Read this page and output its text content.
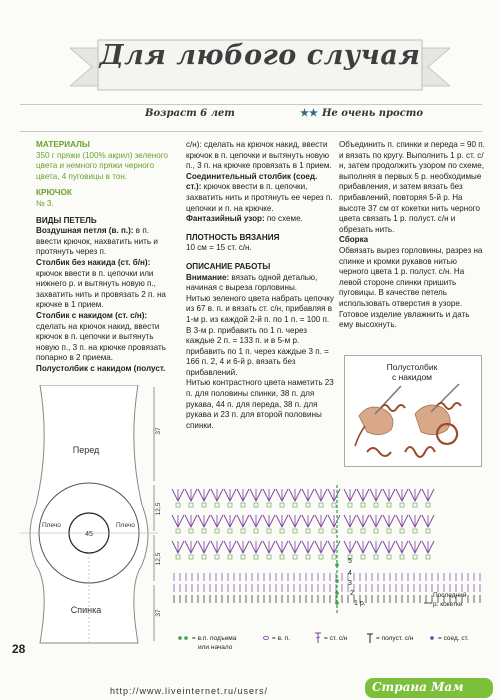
Для любого случая
Возраст 6 лет	★★ Не очень просто

МАТЕРИАЛЫ

350 г пряжи (100% акрил) зеленого цвета и немного пряжи черного цвета, 4 пуговицы в тон.

КРЮЧОК

№ 3.

ВИДЫ ПЕТЕЛЬ

Воздушная петля (в. п.): в п. ввести крючок, нахватить нить и протянуть через п.

Столбик без накида (ст. б/н): крючок ввести в п. цепочки или нижнего р. и вытянуть новую п., захватить нить и провязать 2 п. на крючке в 1 прием.

Столбик с накидом (ст. с/н): сделать на крючок накид, ввести крючок в п. цепочки и вытянуть новую п., 3 п. на крючке провязать попарно в 2 приема.

Полустолбик с накидом (полуст.

с/н): сделать на крючок накид, ввести крючок в п. цепочки и вытянуть новую п., 3 п. на крючке провязать в 1 прием.

Соединительный столбик (соед. ст.): крючок ввести в п. цепочки, захватить нить и протянуть ее через п. цепочки и п. на крючке.

Фантазийный узор: по схеме.

ПЛОТНОСТЬ ВЯЗАНИЯ

10 см = 15 ст. с/н.

ОПИСАНИЕ РАБОТЫ

Внимание: вязать одной деталью, начиная с выреза горловины.

Нитью зеленого цвета набрать цепочку из 67 в. п. и вязать ст. с/н, прибавляя в 1-м р. из каждой 2-й п. по 1 п. = 100 п. В 3-м р. прибавить по 1 п. через каждые 2 п. = 133 п. и в 5-м р. прибавить по 1 п. через каждые 3 п. = 166 п. 2, 4 и 6-й р. вязать без прибавлений.

Нитью контрастного цвета наметить 23 п. для половины спинки, 38 п. для рукава, 44 п. для переда, 38 п. для рукава и 23 п. для второй половины спинки.

Объединить п. спинки и переда = 90 п. и вязать по кругу. Выполнить 1 р. ст. с/н, затем продолжить узором по схеме, выполняя в первых 5 р. необходимые прибавления, и затем вязать без прибавлений, повторяя 5-й р. На высоте 37 см от кокетки нить черного цвета связать 1 р. полуст. с/н и обрезать нить.

Сборка

Обвязать вырез горловины, разрез на спинке и кромки рукавов нитью черного цвета 1 р. полуст. с/н. На левой стороне спинки пришить пуговицы. В качестве петель использовать отверстия в узоре. Готовое изделие увлажнить и дать ему высохнуть.

Полустолбик
с накидом
Перед
Спинка
Плечо	Плечо
45
37
12,5
12,5
37
5
4
3
2
1 р.
Последний
р. кокетки
= в.п. подъема
или начало
= в. п.	= ст. с/н	= полуст. с/н	= соед. ст.
28
http://www.liveinternet.ru/users/	Страна Мам
